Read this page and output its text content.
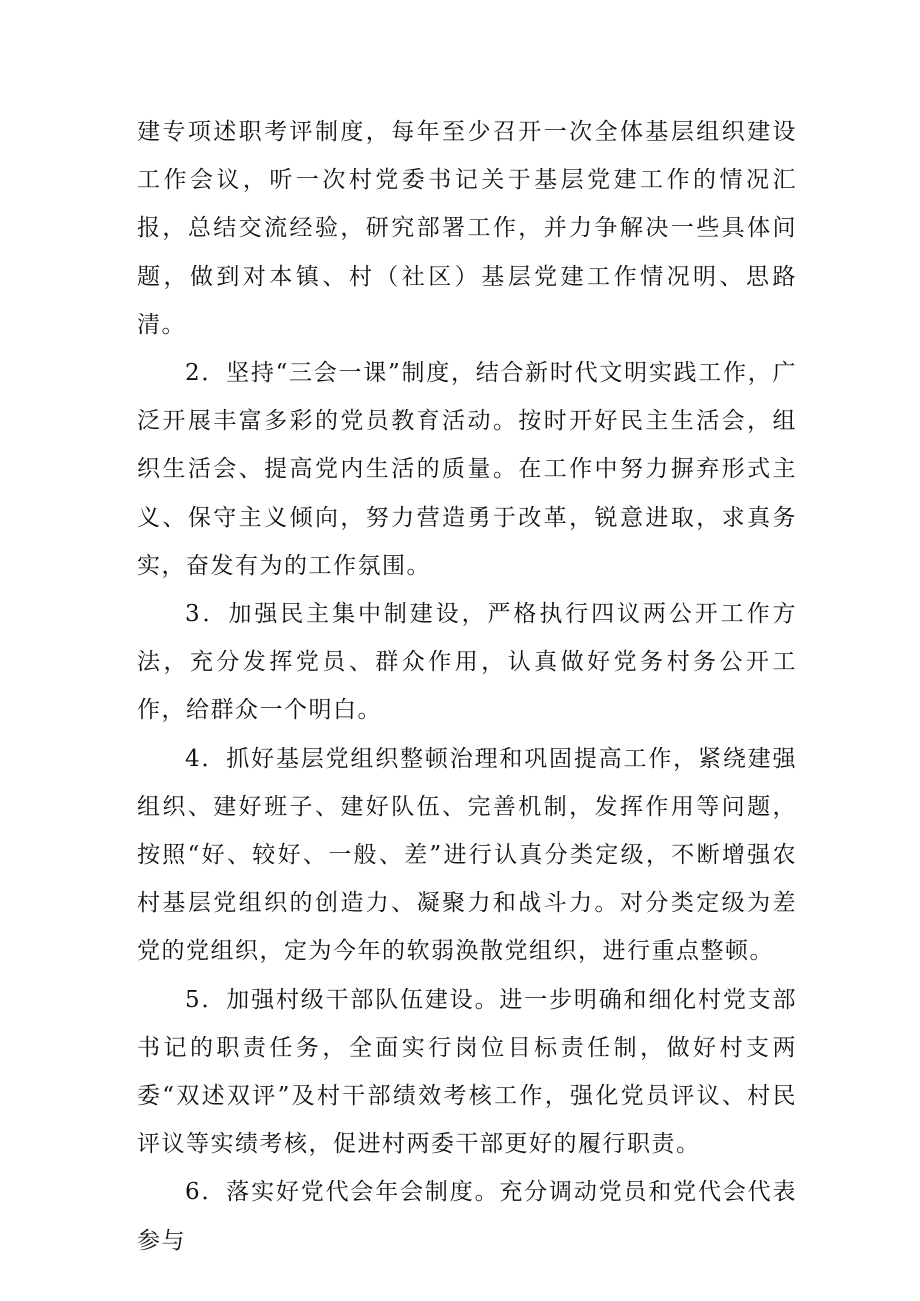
建专项述职考评制度，每年至少召开一次全体基层组织建设工作会议，听一次村党委书记关于基层党建工作的情况汇报，总结交流经验，研究部署工作，并力争解决一些具体问题，做到对本镇、村（社区）基层党建工作情况明、思路清。

2．坚持“三会一课”制度，结合新时代文明实践工作，广泛开展丰富多彩的党员教育活动。按时开好民主生活会，组织生活会、提高党内生活的质量。在工作中努力摒弃形式主义、保守主义倾向，努力营造勇于改革，锐意进取，求真务实，奋发有为的工作氛围。

3．加强民主集中制建设，严格执行四议两公开工作方法，充分发挥党员、群众作用，认真做好党务村务公开工作，给群众一个明白。

4．抓好基层党组织整顿治理和巩固提高工作，紧绕建强组织、建好班子、建好队伍、完善机制，发挥作用等问题，按照“好、较好、一般、差”进行认真分类定级，不断增强农村基层党组织的创造力、凝聚力和战斗力。对分类定级为差党的党组织，定为今年的软弱涣散党组织，进行重点整顿。

5．加强村级干部队伍建设。进一步明确和细化村党支部书记的职责任务，全面实行岗位目标责任制，做好村支两委“双述双评”及村干部绩效考核工作，强化党员评议、村民评议等实绩考核，促进村两委干部更好的履行职责。

6．落实好党代会年会制度。充分调动党员和党代会代表参与
